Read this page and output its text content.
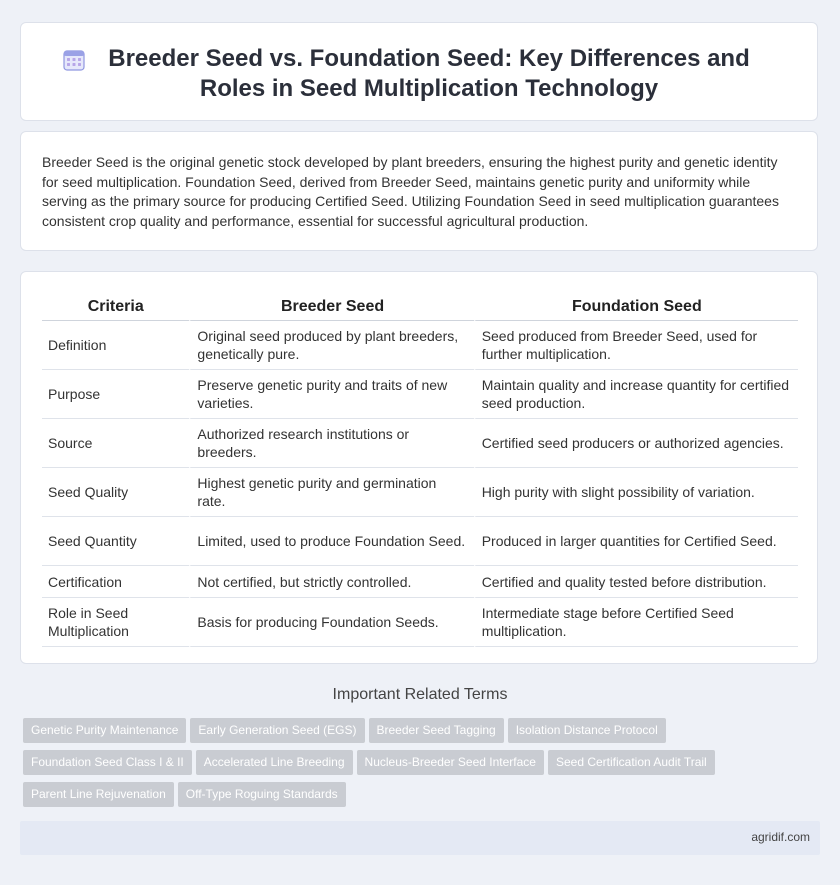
Breeder Seed vs. Foundation Seed: Key Differences and Roles in Seed Multiplication Technology

Breeder Seed is the original genetic stock developed by plant breeders, ensuring the highest purity and genetic identity for seed multiplication. Foundation Seed, derived from Breeder Seed, maintains genetic purity and uniformity while serving as the primary source for producing Certified Seed. Utilizing Foundation Seed in seed multiplication guarantees consistent crop quality and performance, essential for successful agricultural production.

Criteria	Breeder Seed	Foundation Seed
Definition	Original seed produced by plant breeders, genetically pure.	Seed produced from Breeder Seed, used for further multiplication.
Purpose	Preserve genetic purity and traits of new varieties.	Maintain quality and increase quantity for certified seed production.
Source	Authorized research institutions or breeders.	Certified seed producers or authorized agencies.
Seed Quality	Highest genetic purity and germination rate.	High purity with slight possibility of variation.
Seed Quantity	Limited, used to produce Foundation Seed.	Produced in larger quantities for Certified Seed.
Certification	Not certified, but strictly controlled.	Certified and quality tested before distribution.
Role in Seed Multiplication	Basis for producing Foundation Seeds.	Intermediate stage before Certified Seed multiplication.
Important Related Terms
Genetic Purity Maintenance Early Generation Seed (EGS) Breeder Seed Tagging Isolation Distance Protocol
Foundation Seed Class I & II Accelerated Line Breeding Nucleus-Breeder Seed Interface Seed Certification Audit Trail
Parent Line Rejuvenation Off-Type Roguing Standards
agridif.com
